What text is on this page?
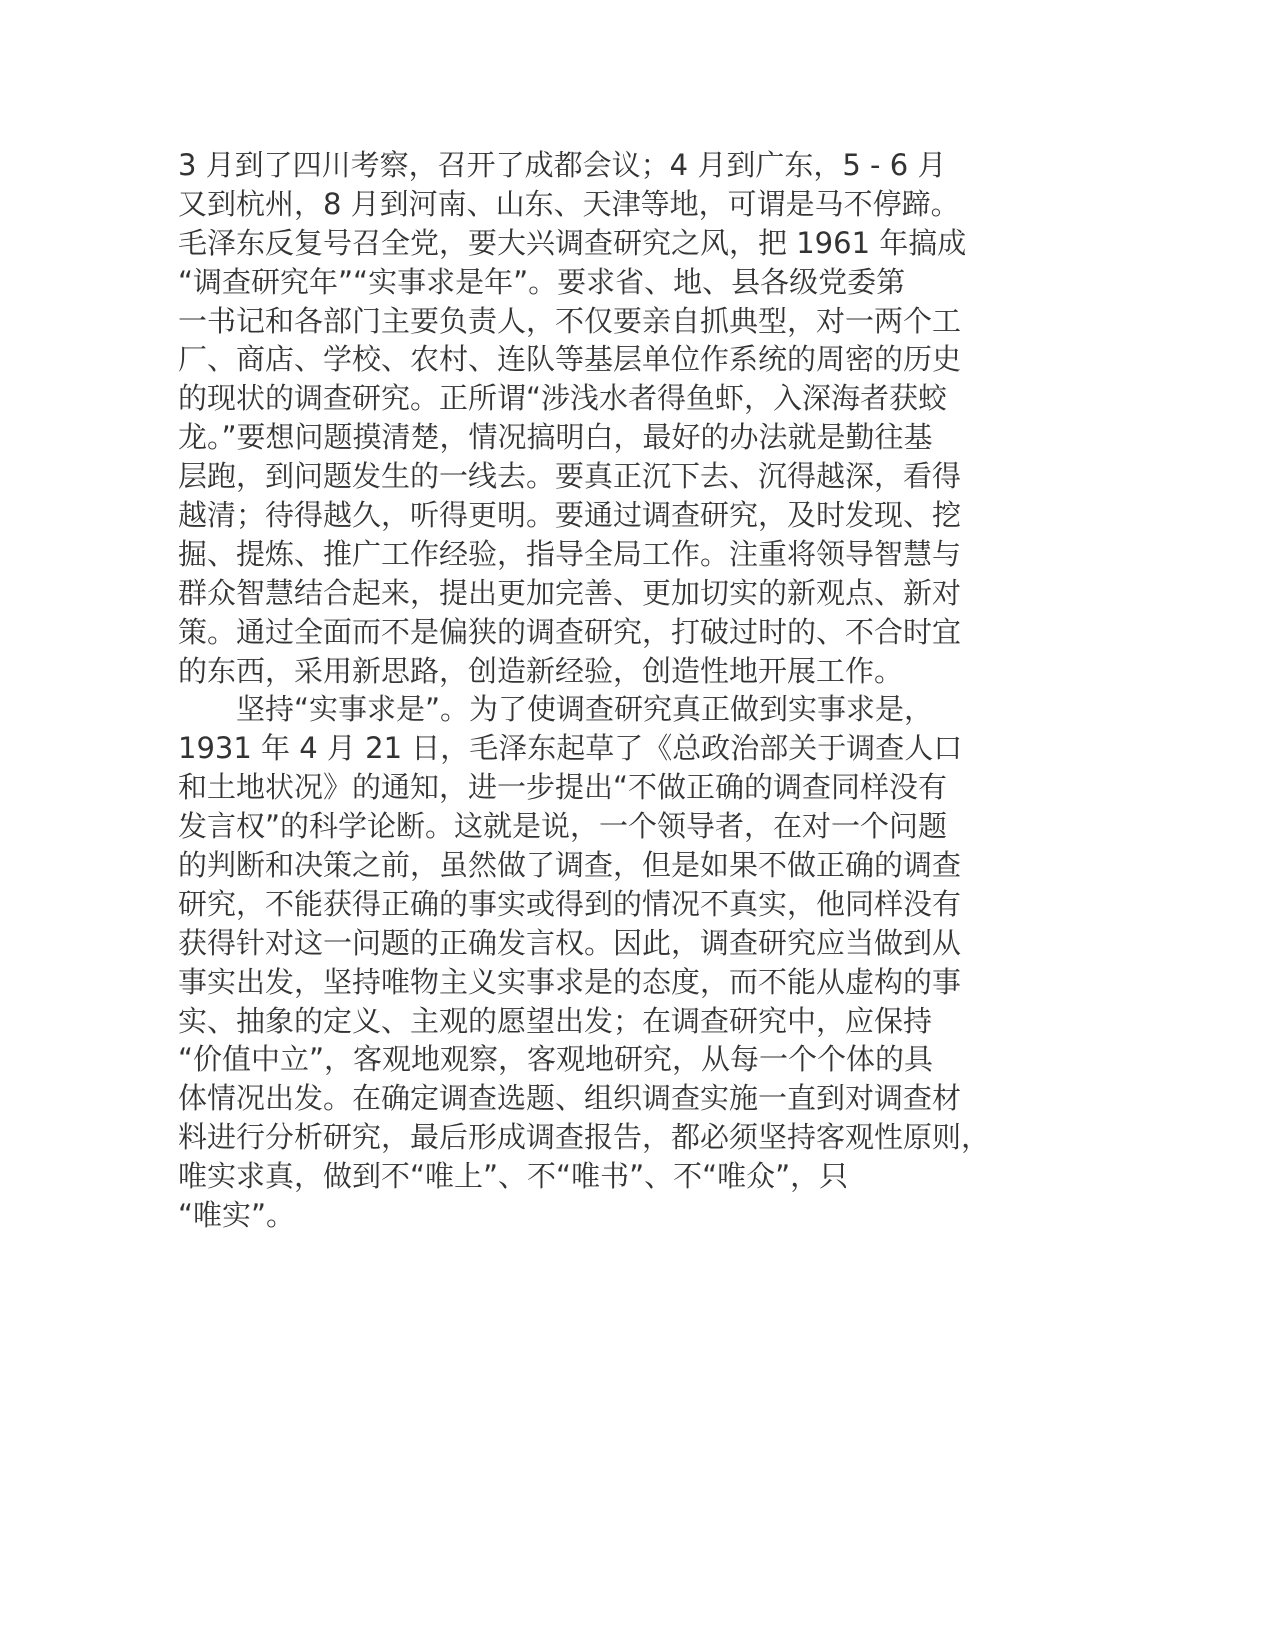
3 月到了四川考察，召开了成都会议；4 月到广东，5 - 6 月
又到杭州，8 月到河南、山东、天津等地，可谓是马不停蹄。
毛泽东反复号召全党，要大兴调查研究之风，把 1961 年搞成
“调查研究年”“实事求是年”。要求省、地、县各级党委第
一书记和各部门主要负责人，不仅要亲自抓典型，对一两个工
厂、商店、学校、农村、连队等基层单位作系统的周密的历史
的现状的调查研究。正所谓“涉浅水者得鱼虾，入深海者获蛟
龙。”要想问题摸清楚，情况搞明白，最好的办法就是勤往基
层跑，到问题发生的一线去。要真正沉下去、沉得越深，看得
越清；待得越久，听得更明。要通过调查研究，及时发现、挖
掘、提炼、推广工作经验，指导全局工作。注重将领导智慧与
群众智慧结合起来，提出更加完善、更加切实的新观点、新对
策。通过全面而不是偏狭的调查研究，打破过时的、不合时宜
的东西，采用新思路，创造新经验，创造性地开展工作。
　　坚持“实事求是”。为了使调查研究真正做到实事求是，
1931 年 4 月 21 日，毛泽东起草了《总政治部关于调查人口
和土地状况》的通知，进一步提出“不做正确的调查同样没有
发言权”的科学论断。这就是说，一个领导者，在对一个问题
的判断和决策之前，虽然做了调查，但是如果不做正确的调查
研究，不能获得正确的事实或得到的情况不真实，他同样没有
获得针对这一问题的正确发言权。因此，调查研究应当做到从
事实出发，坚持唯物主义实事求是的态度，而不能从虚构的事
实、抽象的定义、主观的愿望出发；在调查研究中，应保持
“价值中立”，客观地观察，客观地研究，从每一个个体的具
体情况出发。在确定调查选题、组织调查实施一直到对调查材
料进行分析研究，最后形成调查报告，都必须坚持客观性原则，
唯实求真，做到不“唯上”、不“唯书”、不“唯众”，只
“唯实”。
